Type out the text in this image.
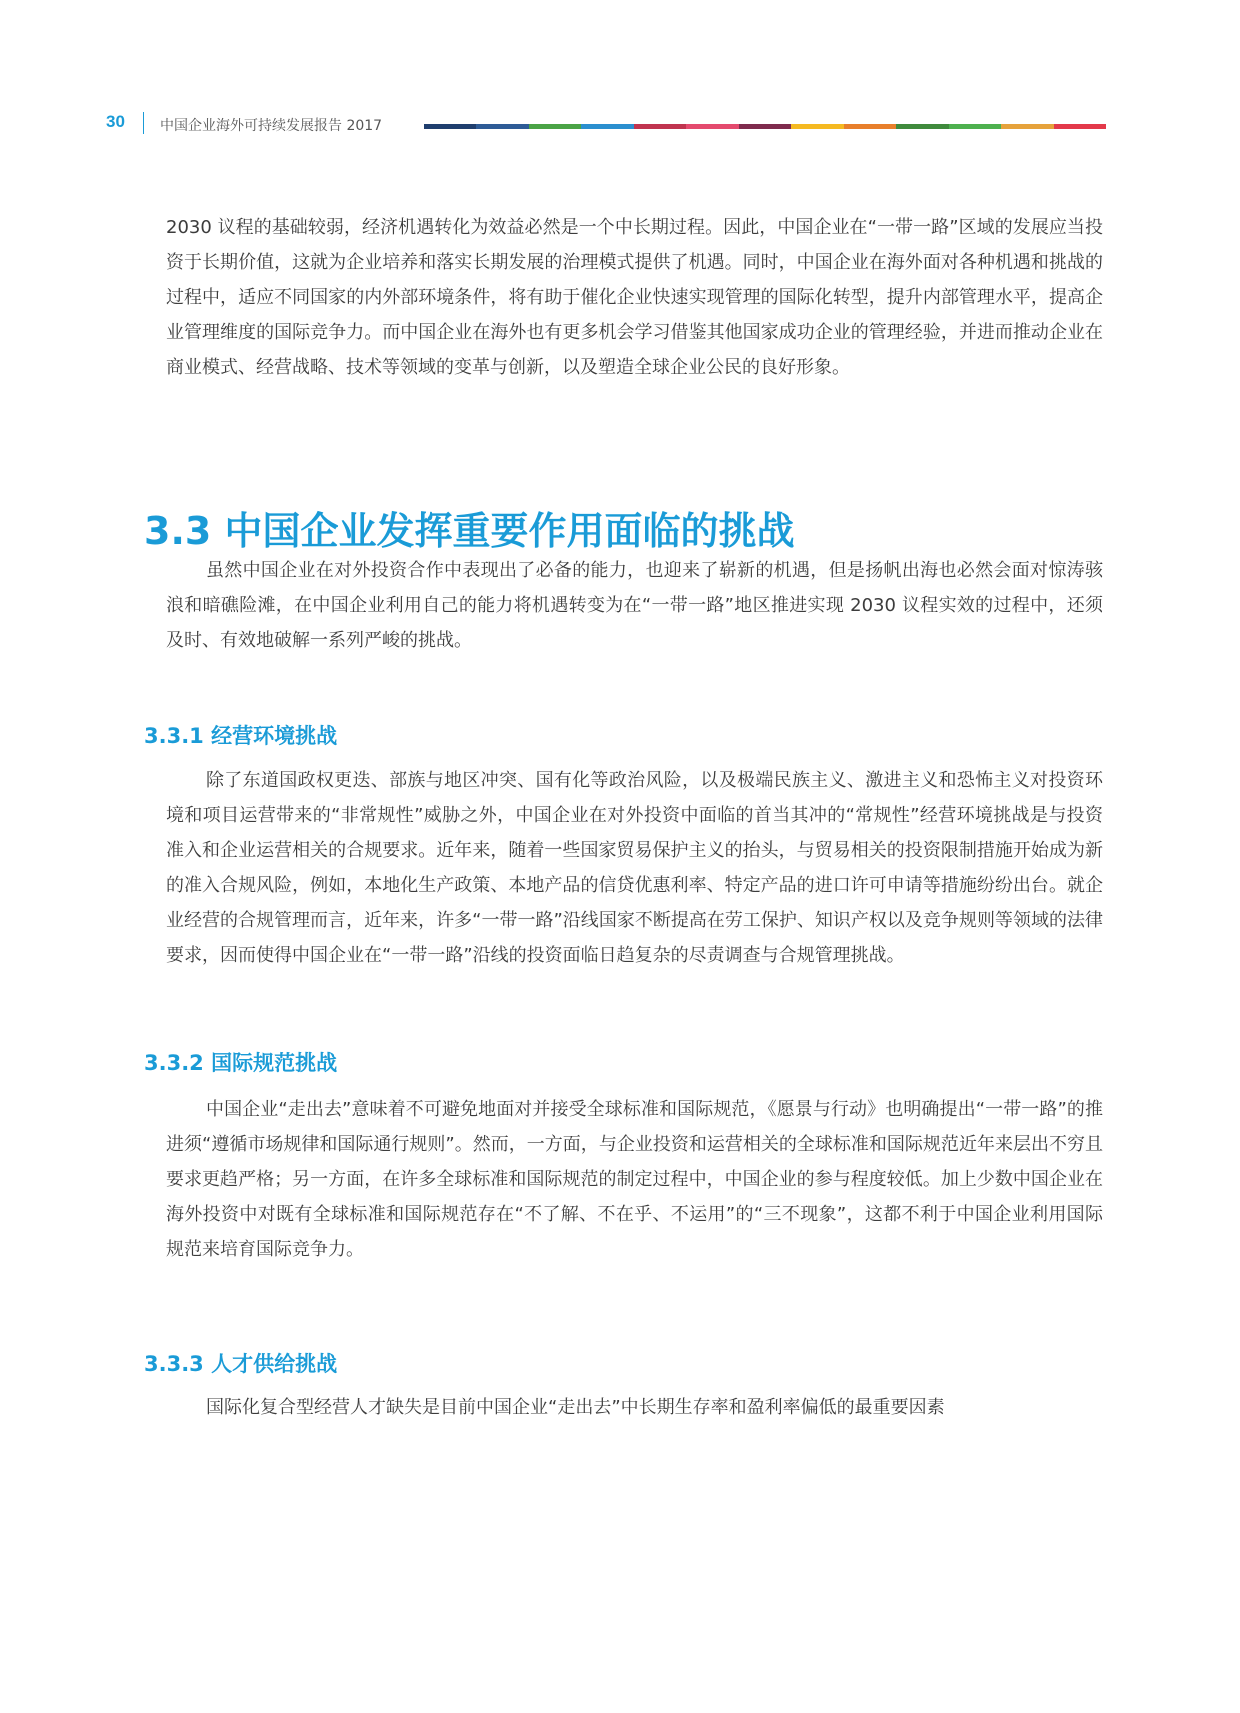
30	中国企业海外可持续发展报告 2017
2030 议程的基础较弱，经济机遇转化为效益必然是一个中长期过程。因此，中国企业在“一带一路”区域的发展应当投资于长期价值，这就为企业培养和落实长期发展的治理模式提供了机遇。同时，中国企业在海外面对各种机遇和挑战的过程中，适应不同国家的内外部环境条件，将有助于催化企业快速实现管理的国际化转型，提升内部管理水平，提高企业管理维度的国际竞争力。而中国企业在海外也有更多机会学习借鉴其他国家成功企业的管理经验，并进而推动企业在商业模式、经营战略、技术等领域的变革与创新，以及塑造全球企业公民的良好形象。
3.3 中国企业发挥重要作用面临的挑战
虽然中国企业在对外投资合作中表现出了必备的能力，也迎来了崭新的机遇，但是扬帆出海也必然会面对惊涛骇浪和暗礁险滩，在中国企业利用自己的能力将机遇转变为在“一带一路”地区推进实现 2030 议程实效的过程中，还须及时、有效地破解一系列严峻的挑战。
3.3.1 经营环境挑战
除了东道国政权更迭、部族与地区冲突、国有化等政治风险，以及极端民族主义、激进主义和恐怖主义对投资环境和项目运营带来的“非常规性”威胁之外，中国企业在对外投资中面临的首当其冲的“常规性”经营环境挑战是与投资准入和企业运营相关的合规要求。近年来，随着一些国家贸易保护主义的抬头，与贸易相关的投资限制措施开始成为新的准入合规风险，例如，本地化生产政策、本地产品的信贷优惠利率、特定产品的进口许可申请等措施纷纷出台。就企业经营的合规管理而言，近年来，许多“一带一路”沿线国家不断提高在劳工保护、知识产权以及竞争规则等领域的法律要求，因而使得中国企业在“一带一路”沿线的投资面临日趋复杂的尽责调查与合规管理挑战。
3.3.2 国际规范挑战
中国企业“走出去”意味着不可避免地面对并接受全球标准和国际规范，《愿景与行动》也明确提出“一带一路”的推进须“遵循市场规律和国际通行规则”。然而，一方面，与企业投资和运营相关的全球标准和国际规范近年来层出不穷且要求更趋严格；另一方面，在许多全球标准和国际规范的制定过程中，中国企业的参与程度较低。加上少数中国企业在海外投资中对既有全球标准和国际规范存在“不了解、不在乎、不运用”的“三不现象”，这都不利于中国企业利用国际规范来培育国际竞争力。
3.3.3 人才供给挑战
国际化复合型经营人才缺失是目前中国企业“走出去”中长期生存率和盈利率偏低的最重要因素
